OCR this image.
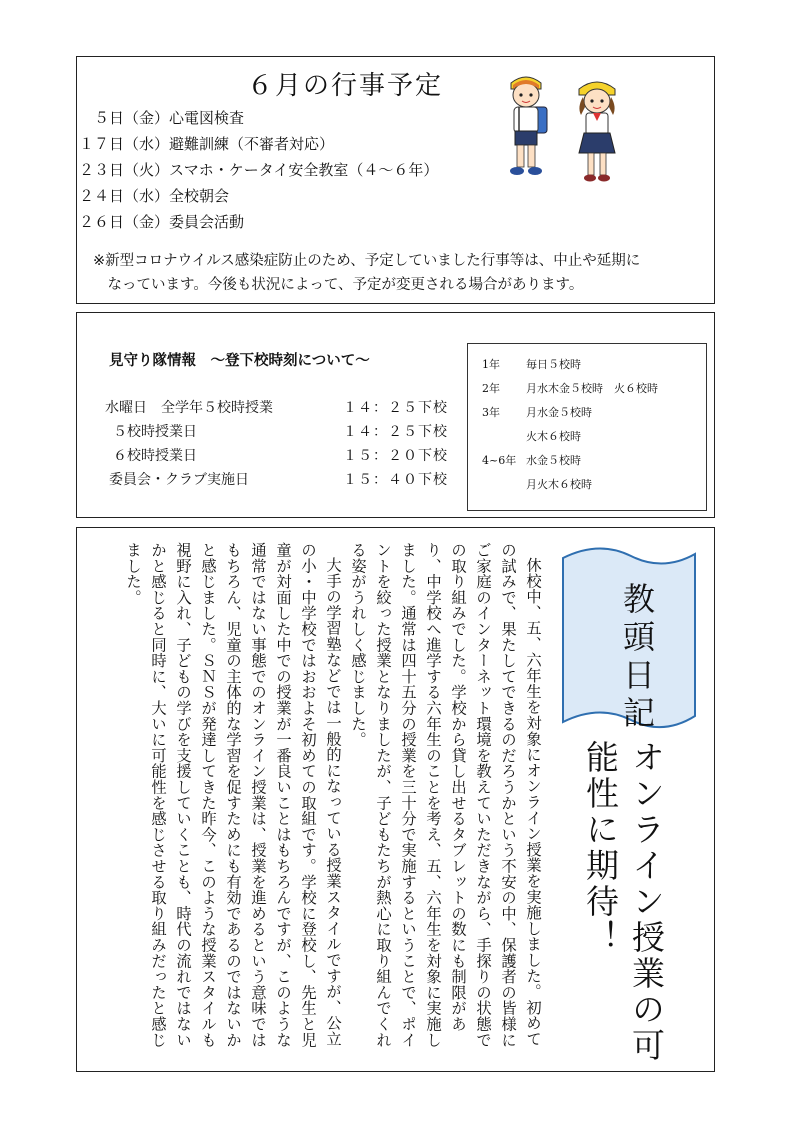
６月の行事予定
　５日（金）心電図検査
１７日（水）避難訓練（不審者対応）
２３日（火）スマホ・ケータイ安全教室（４～６年）
２４日（水）全校朝会
２６日（金）委員会活動
※新型コロナウイルス感染症防止のため、予定していました行事等は、中止や延期に
　なっています。今後も状況によって、予定が変更される場合があります。
見守り隊情報　～登下校時刻について～
水曜日　全学年５校時授業	１４：２５下校
５校時授業日	１４：２５下校
６校時授業日	１５：２０下校
委員会・クラブ実施日	１５：４０下校
1年 毎日５校時
2年 月水木金５校時　火６校時
3年 月水金５校時
火木６校時
4~6年 水金５校時
月火木６校時

休校中、五、六年生を対象にオンライン授業を実施しました。初めての試みで、果たしてできるのだろうかという不安の中、保護者の皆様にご家庭のインターネット環境を教えていただきながら、手探りの状態での取り組みでした。学校から貸し出せるタブレットの数にも制限があり、中学校へ進学する六年生のことを考え、五、六年生を対象に実施しました。通常は四十五分の授業を三十分で実施するということで、ポイントを絞った授業となりましたが、子どもたちが熱心に取り組んでくれる姿がうれしく感じました。

大手の学習塾などでは一般的になっている授業スタイルですが、公立の小・中学校ではおおよそ初めての取組です。学校に登校し、先生と児童が対面した中での授業が一番良いことはもちろんですが、このような通常ではない事態でのオンライン授業は、授業を進めるという意味ではもちろん、児童の主体的な学習を促すためにも有効であるのではないかと感じました。ＳＮＳが発達してきた昨今、このような授業スタイルも視野に入れ、子どもの学びを支援していくことも、時代の流れではないかと感じると同時に、大いに可能性を感じさせる取り組みだったと感じました。

教頭日記
オンライン授業の可能性に期待！
